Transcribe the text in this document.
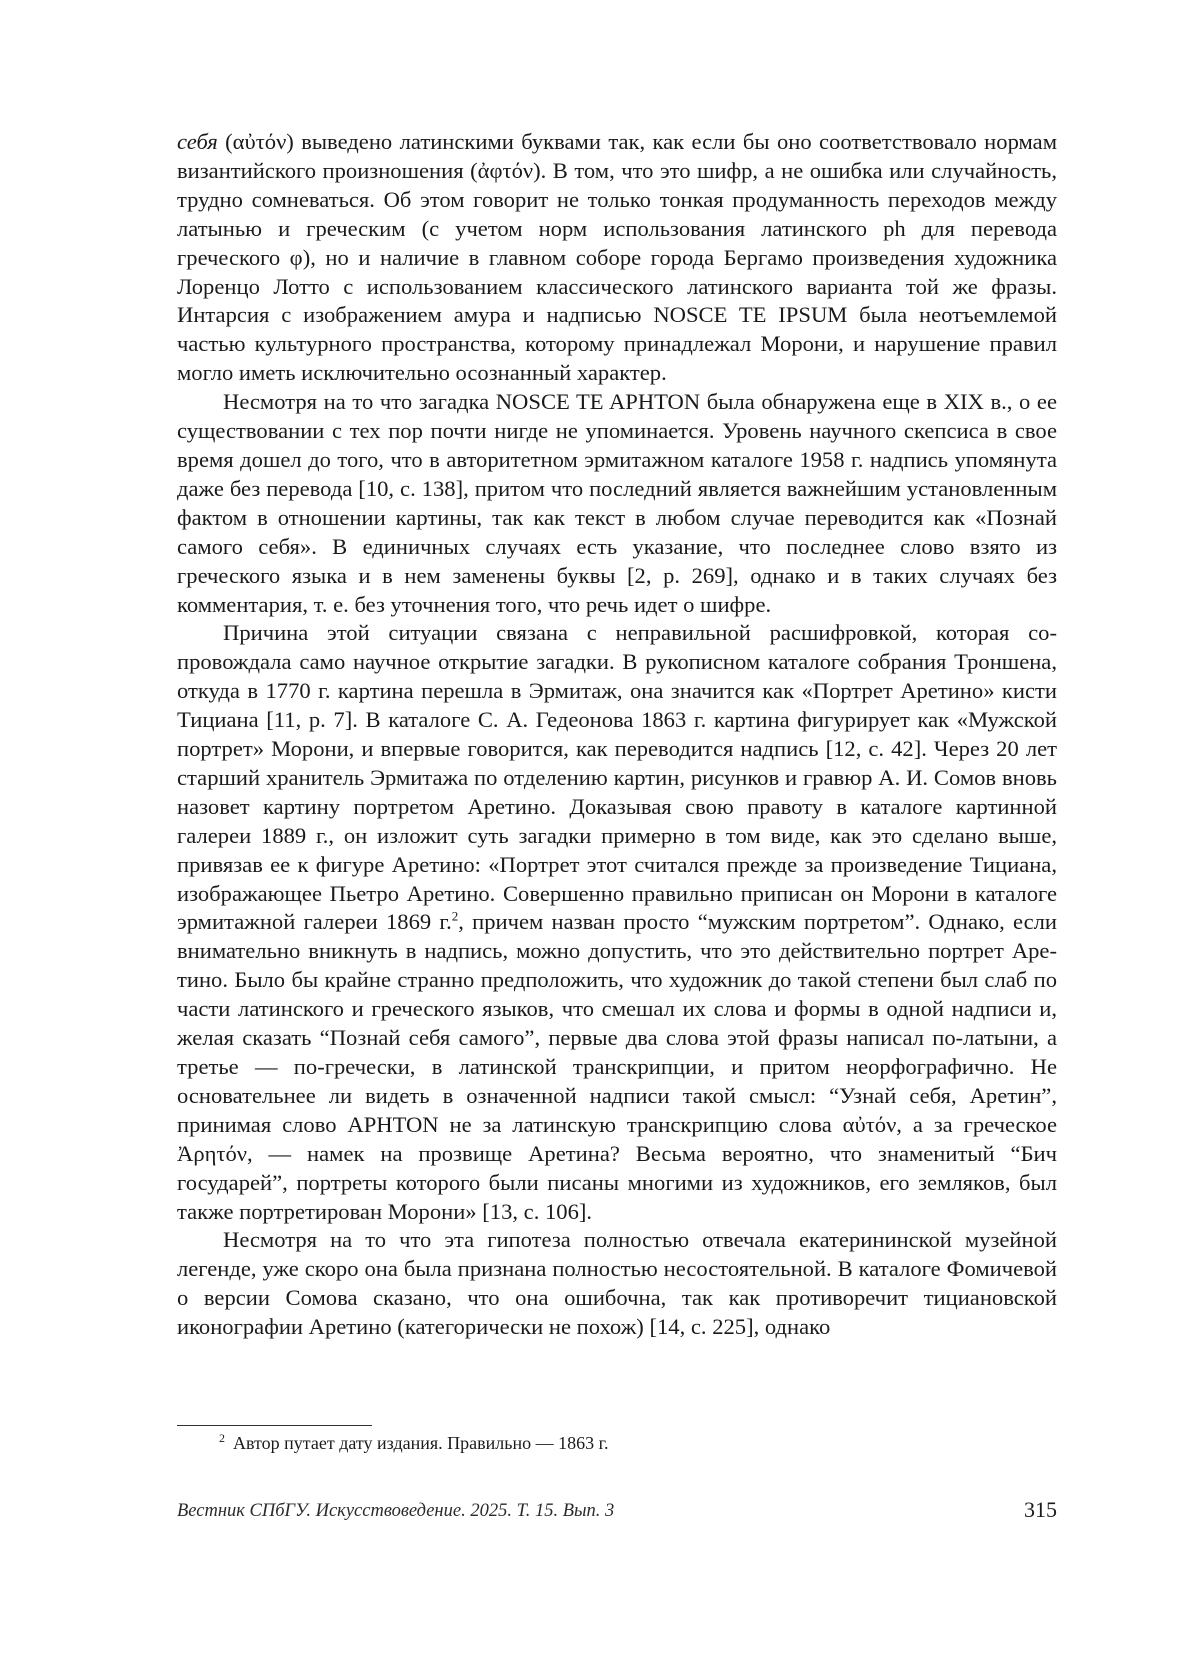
себя (αὐτόν) выведено латинскими буквами так, как если бы оно соответствовало нормам византийского произношения (ἀφτόν). В том, что это шифр, а не ошибка или случайность, трудно сомневаться. Об этом говорит не только тонкая продуманность переходов между латынью и греческим (с учетом норм использования латинского ph для перевода греческого φ), но и наличие в главном соборе города Бергамо произведения художника Лоренцо Лотто с использованием классического латинского варианта той же фразы. Интарсия с изображением амура и надписью NOSCE TE IPSUM была неотъемлемой частью культурного пространства, которому принадлежал Морони, и нарушение правил могло иметь исключительно осознанный характер.

Несмотря на то что загадка NOSCE TE APHTON была обнаружена еще в XIX в., о ее существовании с тех пор почти нигде не упоминается. Уровень научного скепсиса в свое время дошел до того, что в авторитетном эрмитажном каталоге 1958 г. надпись упомянута даже без перевода [10, с. 138], притом что последний является важнейшим установленным фактом в отношении картины, так как текст в любом случае переводится как «Познай самого себя». В единичных случаях есть указание, что последнее слово взято из греческого языка и в нем заменены буквы [2, p. 269], однако и в таких случаях без комментария, т. е. без уточнения того, что речь идет о шифре.

Причина этой ситуации связана с неправильной расшифровкой, которая сопровождала само научное открытие загадки. В рукописном каталоге собрания Троншена, откуда в 1770 г. картина перешла в Эрмитаж, она значится как «Портрет Аретино» кисти Тициана [11, p. 7]. В каталоге С. А. Гедеонова 1863 г. картина фигурирует как «Мужской портрет» Морони, и впервые говорится, как переводится надпись [12, с. 42]. Через 20 лет старший хранитель Эрмитажа по отделению картин, рисунков и гравюр А. И. Сомов вновь назовет картину портретом Аретино. Доказывая свою правоту в каталоге картинной галереи 1889 г., он изложит суть загадки примерно в том виде, как это сделано выше, привязав ее к фигуре Аретино: «Портрет этот считался прежде за произведение Тициана, изображающее Пьетро Аретино. Совершенно правильно приписан он Морони в каталоге эрмитажной галереи 1869 г.$^2$, причем назван просто “мужским портретом”. Однако, если внимательно вникнуть в надпись, можно допустить, что это действительно портрет Аретино. Было бы крайне странно предположить, что художник до такой степени был слаб по части латинского и греческого языков, что смешал их слова и формы в одной надписи и, желая сказать “Познай себя самого”, первые два слова этой фразы написал по-латыни, а третье — по-гречески, в латинской транскрипции, и притом неорфографично. Не основательнее ли видеть в означенной надписи такой смысл: “Узнай себя, Аретин”, принимая слово APHTON не за латинскую транскрипцию слова αὐτόν, а за греческое Ἀρητόν, — намек на прозвище Аретина? Весьма вероятно, что знаменитый “Бич государей”, портреты которого были писаны многими из художников, его земляков, был также портретирован Морони» [13, с. 106].

Несмотря на то что эта гипотеза полностью отвечала екатерининской музейной легенде, уже скоро она была признана полностью несостоятельной. В каталоге Фомичевой о версии Сомова сказано, что она ошибочна, так как противоречит тициановской иконографии Аретино (категорически не похож) [14, с. 225], однако

$^2$ Автор путает дату издания. Правильно — 1863 г.
Вестник СПбГУ. Искусствоведение. 2025. Т. 15. Вып. 3	315
